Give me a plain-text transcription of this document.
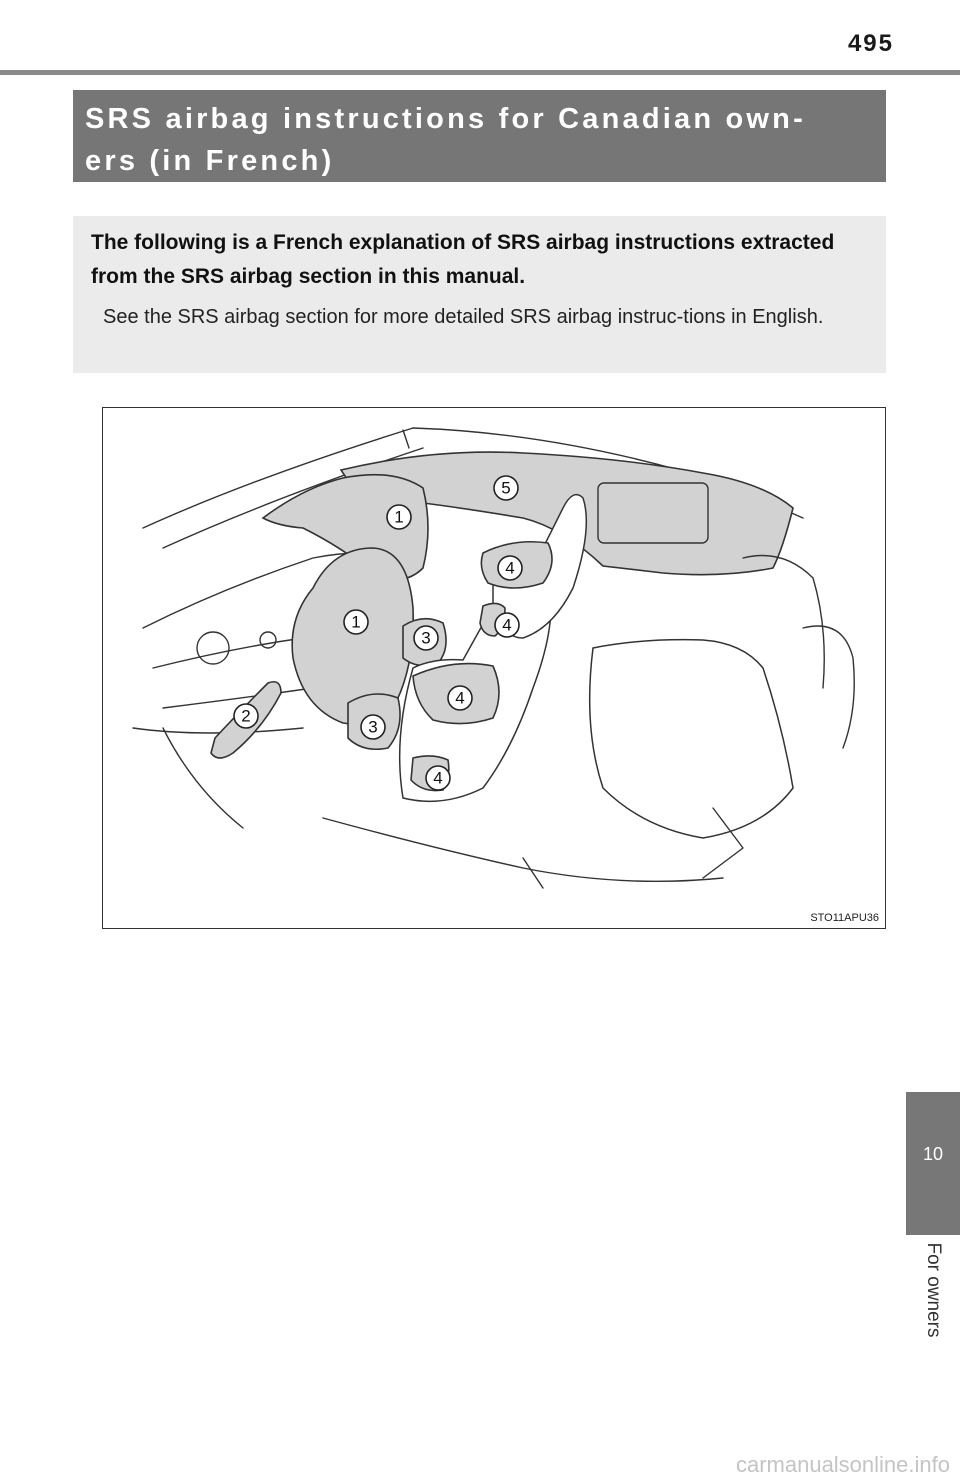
495

SRS airbag instructions for Canadian own-

ers (in French)

The following is a French explanation of SRS airbag instructions extracted from the SRS airbag section in this manual.

See the SRS airbag section for more detailed SRS airbag instruc-tions in English.

1
1
2
3
3
4
4
4
4
5
STO11APU36
10
For owners
carmanualsonline.info
